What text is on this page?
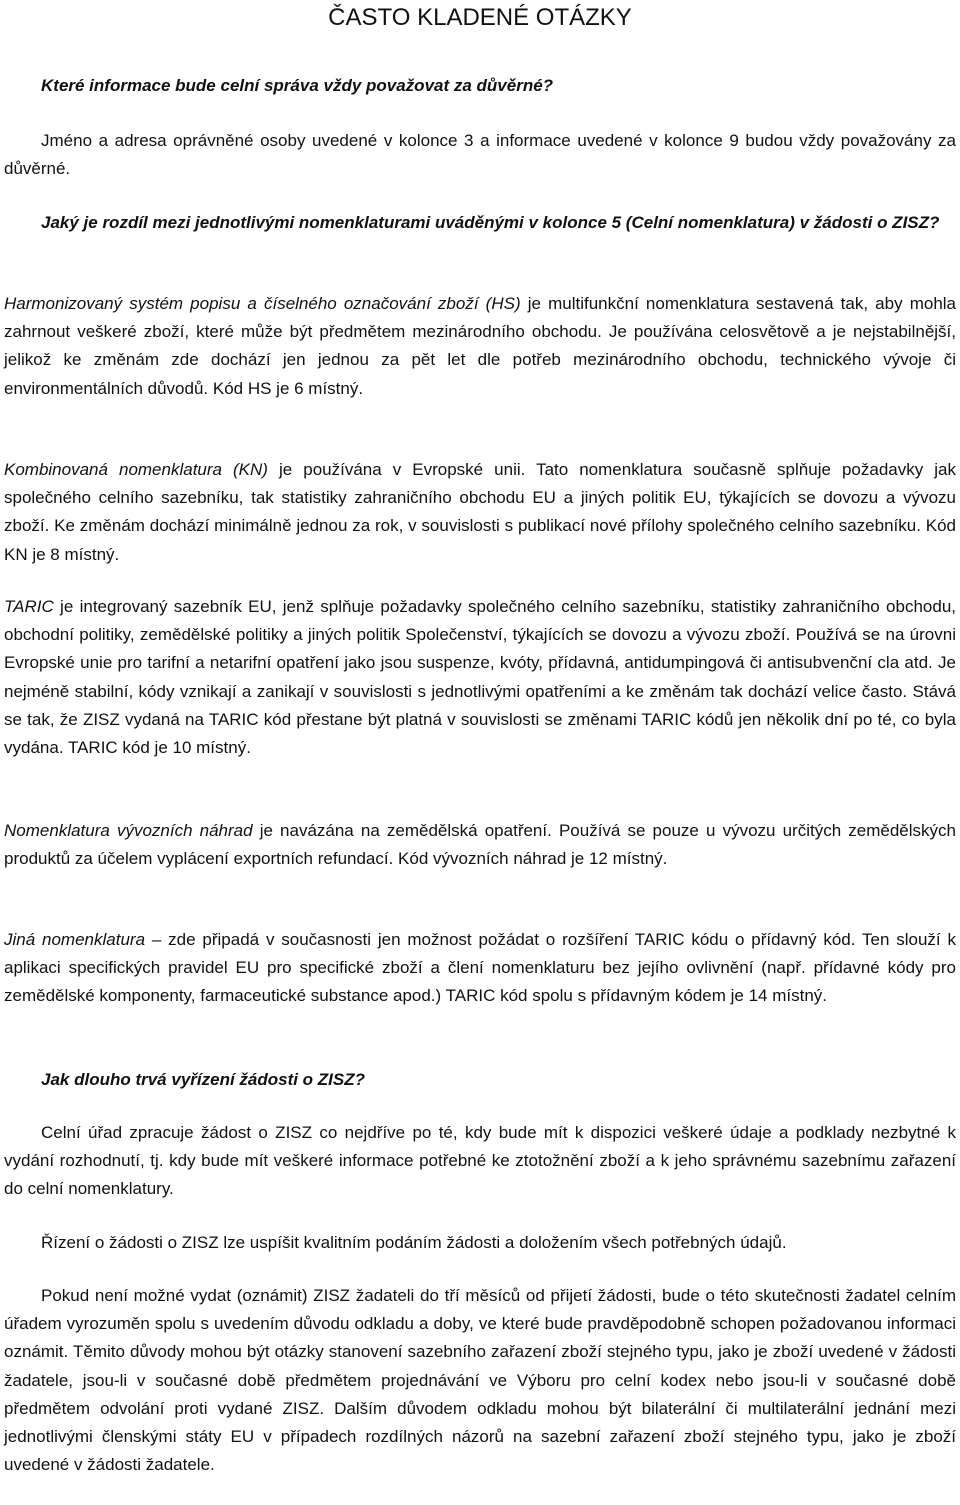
ČASTO KLADENÉ OTÁZKY

Které informace bude celní správa vždy považovat za důvěrné?

Jméno a adresa oprávněné osoby uvedené v kolonce 3 a informace uvedené v kolonce 9 budou vždy považovány za důvěrné.

Jaký je rozdíl mezi jednotlivými nomenklaturami uváděnými v kolonce 5 (Celní nomenklatura) v žádosti o ZISZ?

Harmonizovaný systém popisu a číselného označování zboží (HS) je multifunkční nomenklatura sestavená tak, aby mohla zahrnout veškeré zboží, které může být předmětem mezinárodního obchodu. Je používána celosvětově a je nejstabilnější, jelikož ke změnám zde dochází jen jednou za pět let dle potřeb mezinárodního obchodu, technického vývoje či environmentálních důvodů. Kód HS je 6 místný.

Kombinovaná nomenklatura (KN) je používána v Evropské unii. Tato nomenklatura současně splňuje požadavky jak společného celního sazebníku, tak statistiky zahraničního obchodu EU a jiných politik EU, týkajících se dovozu a vývozu zboží. Ke změnám dochází minimálně jednou za rok, v souvislosti s publikací nové přílohy společného celního sazebníku. Kód KN je 8 místný.

TARIC je integrovaný sazebník EU, jenž splňuje požadavky společného celního sazebníku, statistiky zahraničního obchodu, obchodní politiky, zemědělské politiky a jiných politik Společenství, týkajících se dovozu a vývozu zboží. Používá se na úrovni Evropské unie pro tarifní a netarifní opatření jako jsou suspenze, kvóty, přídavná, antidumpingová či antisubvenční cla atd. Je nejméně stabilní, kódy vznikají a zanikají v souvislosti s jednotlivými opatřeními a ke změnám tak dochází velice často. Stává se tak, že ZISZ vydaná na TARIC kód přestane být platná v souvislosti se změnami TARIC kódů jen několik dní po té, co byla vydána. TARIC kód je 10 místný.

Nomenklatura vývozních náhrad je navázána na zemědělská opatření. Používá se pouze u vývozu určitých zemědělských produktů za účelem vyplácení exportních refundací. Kód vývozních náhrad je 12 místný.

Jiná nomenklatura – zde připadá v současnosti jen možnost požádat o rozšíření TARIC kódu o přídavný kód. Ten slouží k aplikaci specifických pravidel EU pro specifické zboží a člení nomenklaturu bez jejího ovlivnění (např. přídavné kódy pro zemědělské komponenty, farmaceutické substance apod.) TARIC kód spolu s přídavným kódem je 14 místný.

Jak dlouho trvá vyřízení žádosti o ZISZ?

Celní úřad zpracuje žádost o ZISZ co nejdříve po té, kdy bude mít k dispozici veškeré údaje a podklady nezbytné k vydání rozhodnutí, tj. kdy bude mít veškeré informace potřebné ke ztotožnění zboží a k jeho správnému sazebnímu zařazení do celní nomenklatury.

Řízení o žádosti o ZISZ lze uspíšit kvalitním podáním žádosti a doložením všech potřebných údajů.

Pokud není možné vydat (oznámit) ZISZ žadateli do tří měsíců od přijetí žádosti, bude o této skutečnosti žadatel celním úřadem vyrozuměn spolu s uvedením důvodu odkladu a doby, ve které bude pravděpodobně schopen požadovanou informaci oznámit. Těmito důvody mohou být otázky stanovení sazebního zařazení zboží stejného typu, jako je zboží uvedené v žádosti žadatele, jsou-li v současné době předmětem projednávání ve Výboru pro celní kodex nebo jsou-li v současné době předmětem odvolání proti vydané ZISZ. Dalším důvodem odkladu mohou být bilaterální či multilaterální jednání mezi jednotlivými členskými státy EU v případech rozdílných názorů na sazební zařazení zboží stejného typu, jako je zboží uvedené v žádosti žadatele.
